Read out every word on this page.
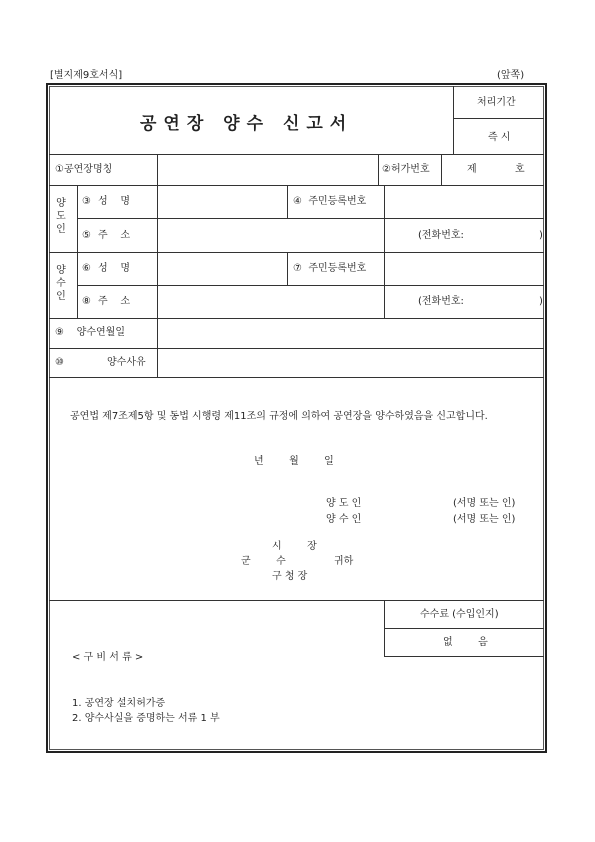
[별지제9호서식]	(앞쪽)
공연장 양수 신고서
처리기간
즉 시
①공연장명칭	②허가번호	제	호
양도인
③ 성    명	④  주민등록번호
⑤ 주    소	(전화번호:	)
양수인
⑥ 성    명	⑦  주민등록번호
⑧ 주    소	(전화번호:	)
⑨    양수연월일
⑩	양수사유
공연법 제7조제5항 및 동법 시행령 제11조의 규정에 의하여 공연장을 양수하였음을 신고합니다.
년        월        일
양 도 인	(서명 또는 인)
양 수 인	(서명 또는 인)
시        장
군        수	귀하
구 청 장
수수료 (수입인지)
없        음
< 구 비 서 류 >
1. 공연장 설치허가증
2. 양수사실을 증명하는 서류 1 부
